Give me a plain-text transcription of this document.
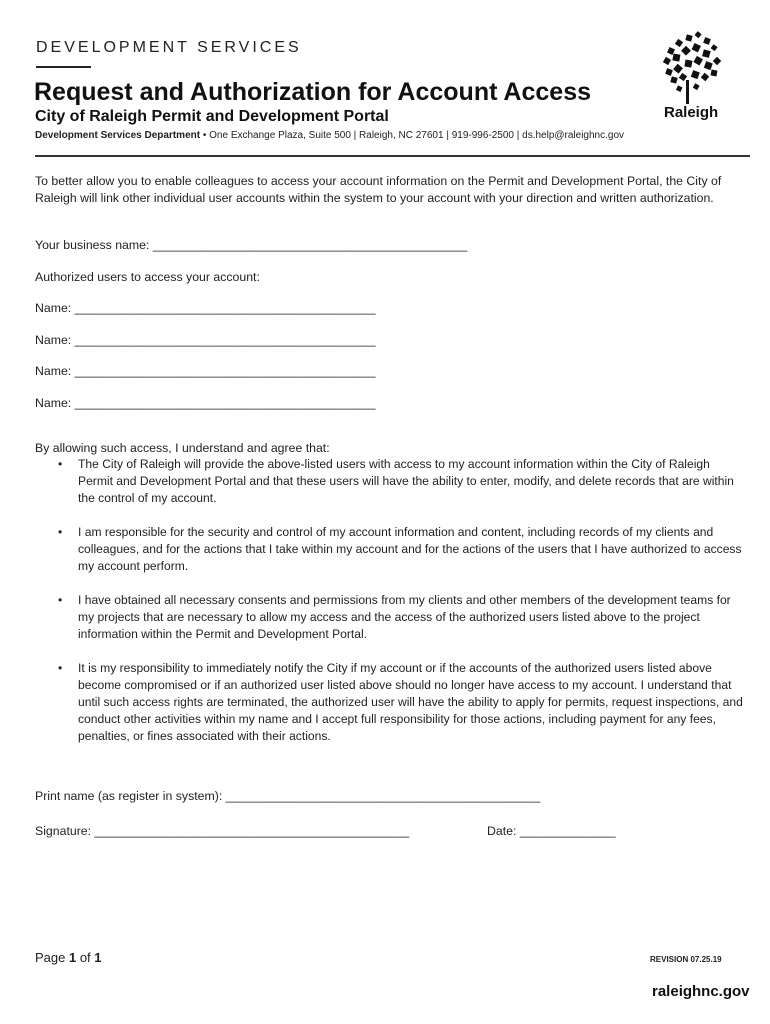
DEVELOPMENT SERVICES
Request and Authorization for Account Access
City of Raleigh Permit and Development Portal
Development Services Department • One Exchange Plaza, Suite 500 | Raleigh, NC 27601 | 919-996-2500 | ds.help@raleighnc.gov
Raleigh
To better allow you to enable colleagues to access your account information on the Permit and Development Portal, the City of Raleigh will link other individual user accounts within the system to your account with your direction and written authorization.
Your business name: ______________________________________________
Authorized users to access your account:
Name: ____________________________________________
Name: ____________________________________________
Name: ____________________________________________
Name: ____________________________________________
By allowing such access, I understand and agree that:
• The City of Raleigh will provide the above-listed users with access to my account information within the City of Raleigh Permit and Development Portal and that these users will have the ability to enter, modify, and delete records that are within the control of my account.
• I am responsible for the security and control of my account information and content, including records of my clients and colleagues, and for the actions that I take within my account and for the actions of the users that I have authorized to access my account perform.
• I have obtained all necessary consents and permissions from my clients and other members of the development teams for my projects that are necessary to allow my access and the access of the authorized users listed above to the project information within the Permit and Development Portal.
• It is my responsibility to immediately notify the City if my account or if the accounts of the authorized users listed above become compromised or if an authorized user listed above should no longer have access to my account. I understand that until such access rights are terminated, the authorized user will have the ability to apply for permits, request inspections, and conduct other activities within my name and I accept full responsibility for those actions, including payment for any fees, penalties, or fines associated with their actions.
Print name (as register in system): ______________________________________________
Signature: ______________________________________________	Date: ______________
Page 1 of 1	REVISION 07.25.19
raleighnc.gov
